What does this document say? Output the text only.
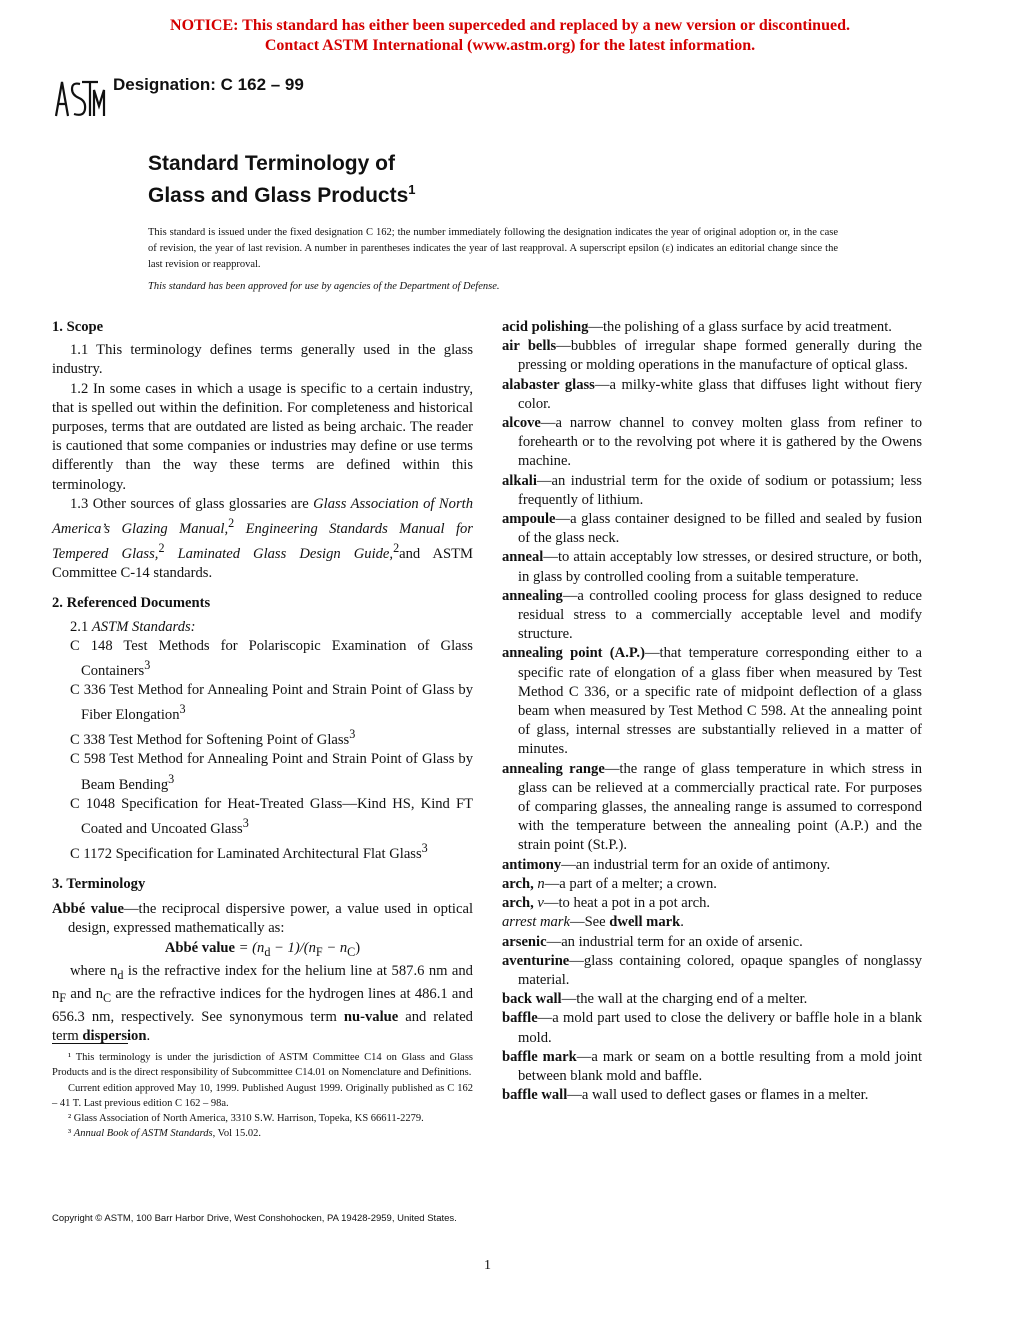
NOTICE: This standard has either been superceded and replaced by a new version or discontinued.
Contact ASTM International (www.astm.org) for the latest information.
Designation: C 162 – 99
Standard Terminology of
Glass and Glass Products$^1$
This standard is issued under the fixed designation C 162; the number immediately following the designation indicates the year of original adoption or, in the case of revision, the year of last revision. A number in parentheses indicates the year of last reapproval. A superscript epsilon (ε) indicates an editorial change since the last revision or reapproval.
This standard has been approved for use by agencies of the Department of Defense.
1. Scope

1.1 This terminology defines terms generally used in the glass industry.

1.2 In some cases in which a usage is specific to a certain industry, that is spelled out within the definition. For completeness and historical purposes, terms that are outdated are listed as being archaic. The reader is cautioned that some companies or industries may define or use terms differently than the way these terms are defined within this terminology.

1.3 Other sources of glass glossaries are Glass Association of North America’s Glazing Manual,$^2$ Engineering Standards Manual for Tempered Glass,$^2$ Laminated Glass Design Guide,$^2$and ASTM Committee C-14 standards.

2. Referenced Documents

2.1 ASTM Standards:

C 148 Test Methods for Polariscopic Examination of Glass Containers$^3$

C 336 Test Method for Annealing Point and Strain Point of Glass by Fiber Elongation$^3$

C 338 Test Method for Softening Point of Glass$^3$

C 598 Test Method for Annealing Point and Strain Point of Glass by Beam Bending$^3$

C 1048 Specification for Heat-Treated Glass—Kind HS, Kind FT Coated and Uncoated Glass$^3$

C 1172 Specification for Laminated Architectural Flat Glass$^3$

3. Terminology

Abbé value—the reciprocal dispersive power, a value used in optical design, expressed mathematically as:

Abbé value = $(n_d - 1)/(n_F - n_C)$

where $n_d$ is the refractive index for the helium line at 587.6 nm and $n_F$ and $n_C$ are the refractive indices for the hydrogen lines at 486.1 and 656.3 nm, respectively. See synonymous term nu-value and related term dispersion.

¹ This terminology is under the jurisdiction of ASTM Committee C14 on Glass and Glass Products and is the direct responsibility of Subcommittee C14.01 on Nomenclature and Definitions.

Current edition approved May 10, 1999. Published August 1999. Originally published as C 162 – 41 T. Last previous edition C 162 – 98a.

² Glass Association of North America, 3310 S.W. Harrison, Topeka, KS 66611-2279.

³ Annual Book of ASTM Standards, Vol 15.02.

acid polishing—the polishing of a glass surface by acid treatment.

air bells—bubbles of irregular shape formed generally during the pressing or molding operations in the manufacture of optical glass.

alabaster glass—a milky-white glass that diffuses light without fiery color.

alcove—a narrow channel to convey molten glass from refiner to forehearth or to the revolving pot where it is gathered by the Owens machine.

alkali—an industrial term for the oxide of sodium or potassium; less frequently of lithium.

ampoule—a glass container designed to be filled and sealed by fusion of the glass neck.

anneal—to attain acceptably low stresses, or desired structure, or both, in glass by controlled cooling from a suitable temperature.

annealing—a controlled cooling process for glass designed to reduce residual stress to a commercially acceptable level and modify structure.

annealing point (A.P.)—that temperature corresponding either to a specific rate of elongation of a glass fiber when measured by Test Method C 336, or a specific rate of midpoint deflection of a glass beam when measured by Test Method C 598. At the annealing point of glass, internal stresses are substantially relieved in a matter of minutes.

annealing range—the range of glass temperature in which stress in glass can be relieved at a commercially practical rate. For purposes of comparing glasses, the annealing range is assumed to correspond with the temperature between the annealing point (A.P.) and the strain point (St.P.).

antimony—an industrial term for an oxide of antimony.

arch, n—a part of a melter; a crown.

arch, v—to heat a pot in a pot arch.

arrest mark—See dwell mark.

arsenic—an industrial term for an oxide of arsenic.

aventurine—glass containing colored, opaque spangles of nonglassy material.

back wall—the wall at the charging end of a melter.

baffle—a mold part used to close the delivery or baffle hole in a blank mold.

baffle mark—a mark or seam on a bottle resulting from a mold joint between blank mold and baffle.

baffle wall—a wall used to deflect gases or flames in a melter.

Copyright © ASTM, 100 Barr Harbor Drive, West Conshohocken, PA 19428-2959, United States.
1
